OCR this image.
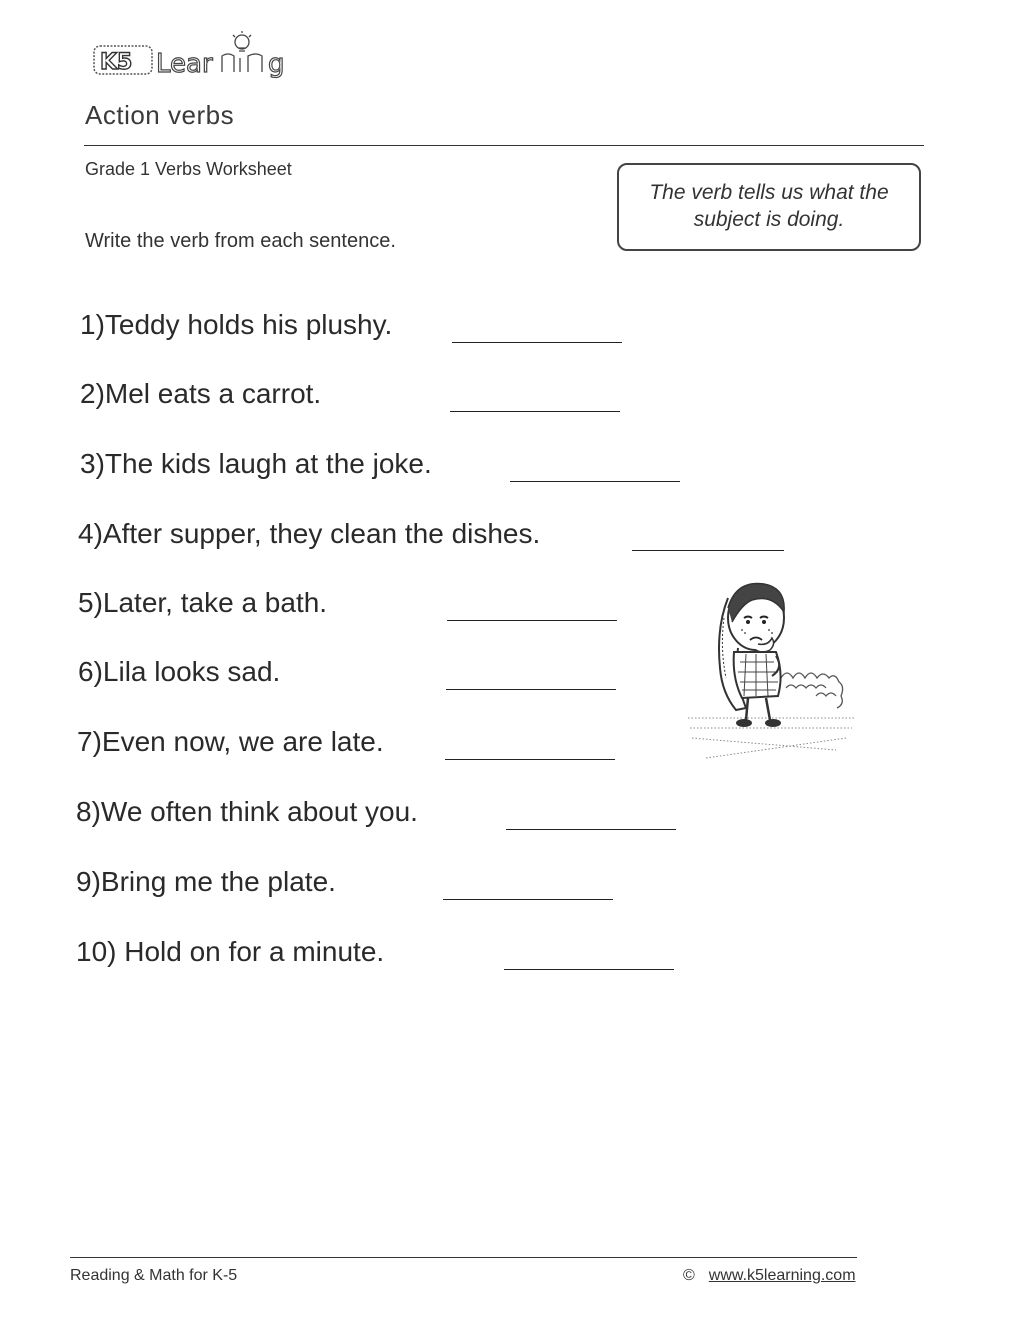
K5 Lear g
Action verbs
Grade 1 Verbs Worksheet
Write the verb from each sentence.
The verb tells us what the
subject is doing.
1)Teddy holds his plushy.
2)Mel eats a carrot.
3)The kids laugh at the joke.
4)After supper, they clean the dishes.
5)Later, take a bath.
6)Lila looks sad.
7)Even now, we are late.
8)We often think about you.
9)Bring me the plate.
10) Hold on for a minute.
Reading & Math for K-5	© www.k5learning.com
